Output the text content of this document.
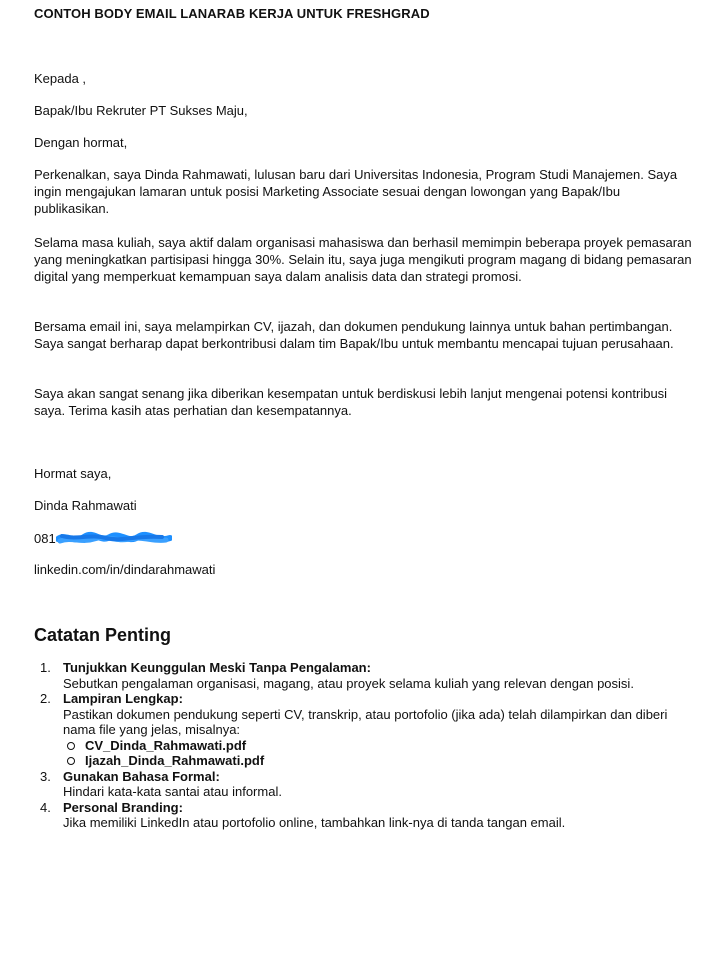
CONTOH BODY EMAIL LANARAB KERJA UNTUK FRESHGRAD
Kepada ,
Bapak/Ibu Rekruter PT Sukses Maju,
Dengan hormat,
Perkenalkan, saya Dinda Rahmawati, lulusan baru dari Universitas Indonesia, Program Studi Manajemen. Saya ingin mengajukan lamaran untuk posisi Marketing Associate sesuai dengan lowongan yang Bapak/Ibu publikasikan.
Selama masa kuliah, saya aktif dalam organisasi mahasiswa dan berhasil memimpin beberapa proyek pemasaran yang meningkatkan partisipasi hingga 30%. Selain itu, saya juga mengikuti program magang di bidang pemasaran digital yang memperkuat kemampuan saya dalam analisis data dan strategi promosi.
Bersama email ini, saya melampirkan CV, ijazah, dan dokumen pendukung lainnya untuk bahan pertimbangan. Saya sangat berharap dapat berkontribusi dalam tim Bapak/Ibu untuk membantu mencapai tujuan perusahaan.
Saya akan sangat senang jika diberikan kesempatan untuk berdiskusi lebih lanjut mengenai potensi kontribusi saya. Terima kasih atas perhatian dan kesempatannya.
Hormat saya,
Dinda Rahmawati
081
linkedin.com/in/dindarahmawati
Catatan Penting
1. Tunjukkan Keunggulan Meski Tanpa Pengalaman:
Sebutkan pengalaman organisasi, magang, atau proyek selama kuliah yang relevan dengan posisi.
2. Lampiran Lengkap:
Pastikan dokumen pendukung seperti CV, transkrip, atau portofolio (jika ada) telah dilampirkan dan diberi nama file yang jelas, misalnya:
CV_Dinda_Rahmawati.pdf
Ijazah_Dinda_Rahmawati.pdf
3. Gunakan Bahasa Formal:
Hindari kata-kata santai atau informal.
4. Personal Branding:
Jika memiliki LinkedIn atau portofolio online, tambahkan link-nya di tanda tangan email.
